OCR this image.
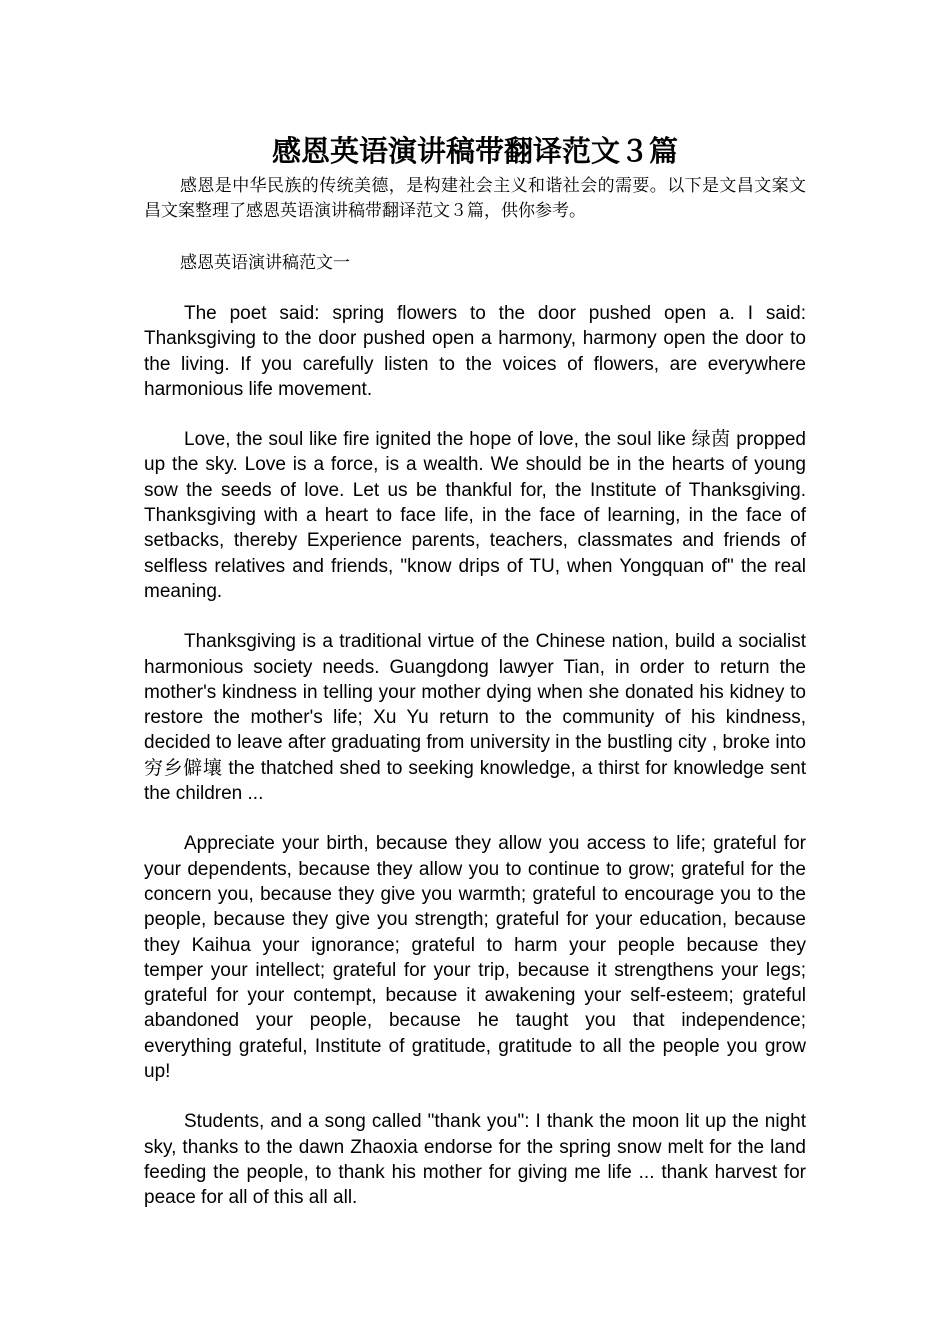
感恩英语演讲稿带翻译范文３篇

感恩是中华民族的传统美德，是构建社会主义和谐社会的需要。以下是文昌文案文昌文案整理了感恩英语演讲稿带翻译范文３篇，供你参考。

感恩英语演讲稿范文一

The poet said: spring flowers to the door pushed open a. I said: Thanksgiving to the door pushed open a harmony, harmony open the door to the living. If you carefully listen to the voices of flowers, are everywhere harmonious life movement.

Love, the soul like fire ignited the hope of love, the soul like 绿茵 propped up the sky. Love is a force, is a wealth. We should be in the hearts of young sow the seeds of love. Let us be thankful for, the Institute of Thanksgiving. Thanksgiving with a heart to face life, in the face of learning, in the face of setbacks, thereby Experience parents, teachers, classmates and friends of selfless relatives and friends, "know drips of TU, when Yongquan of" the real meaning.

Thanksgiving is a traditional virtue of the Chinese nation, build a socialist harmonious society needs. Guangdong lawyer Tian, in order to return the mother's kindness in telling your mother dying when she donated his kidney to restore the mother's life; Xu Yu return to the community of his kindness, decided to leave after graduating from university in the bustling city , broke into 穷乡僻壤 the thatched shed to seeking knowledge, a thirst for knowledge sent the children ...

Appreciate your birth, because they allow you access to life; grateful for your dependents, because they allow you to continue to grow; grateful for the concern you, because they give you warmth; grateful to encourage you to the people, because they give you strength; grateful for your education, because they Kaihua your ignorance; grateful to harm your people because they temper your intellect; grateful for your trip, because it strengthens your legs; grateful for your contempt, because it awakening your self-esteem; grateful abandoned your people, because he taught you that independence; everything grateful, Institute of gratitude, gratitude to all the people you grow up!

Students, and a song called "thank you": I thank the moon lit up the night sky, thanks to the dawn Zhaoxia endorse for the spring snow melt for the land feeding the people, to thank his mother for giving me life ... thank harvest for peace for all of this all all.
